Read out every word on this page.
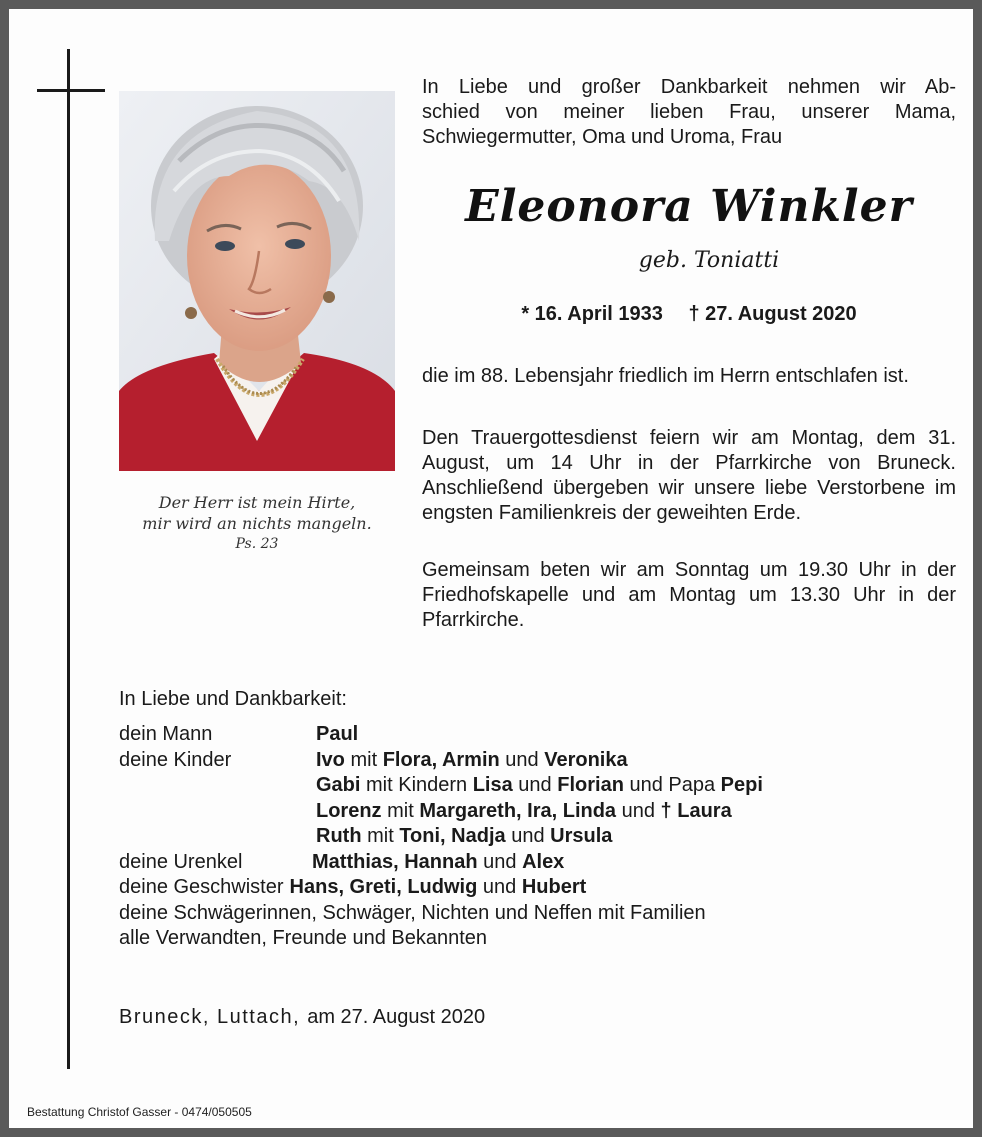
Der Herr ist mein Hirte,
mir wird an nichts mangeln.
Ps. 23
In Liebe und großer Dankbarkeit nehmen wir Ab-
schied von meiner lieben Frau, unserer Mama,
Schwiegermutter, Oma und Uroma, Frau
Eleonora Winkler
geb. Toniatti
* 16. April 1933 † 27. August 2020
die im 88. Lebensjahr friedlich im Herrn entschlafen ist.
Den Trauergottesdienst feiern wir am Montag, dem 31. August, um 14 Uhr in der Pfarrkirche von Bruneck. Anschließend übergeben wir unsere liebe Verstorbene im engsten Familienkreis der geweihten Erde.
Gemeinsam beten wir am Sonntag um 19.30 Uhr in der Friedhofskapelle und am Montag um 13.30 Uhr in der Pfarrkirche.
In Liebe und Dankbarkeit:
dein Mann	Paul
deine Kinder	Ivo mit Flora, Armin und Veronika
Gabi mit Kindern Lisa und Florian und Papa Pepi
Lorenz mit Margareth, Ira, Linda und † Laura
Ruth mit Toni, Nadja und Ursula
deine Urenkel	Matthias, Hannah und Alex
deine Geschwister Hans, Greti, Ludwig und Hubert
deine Schwägerinnen, Schwäger, Nichten und Neffen mit Familien
alle Verwandten, Freunde und Bekannten
Bruneck, Luttach, am 27. August 2020
Bestattung Christof Gasser - 0474/050505
